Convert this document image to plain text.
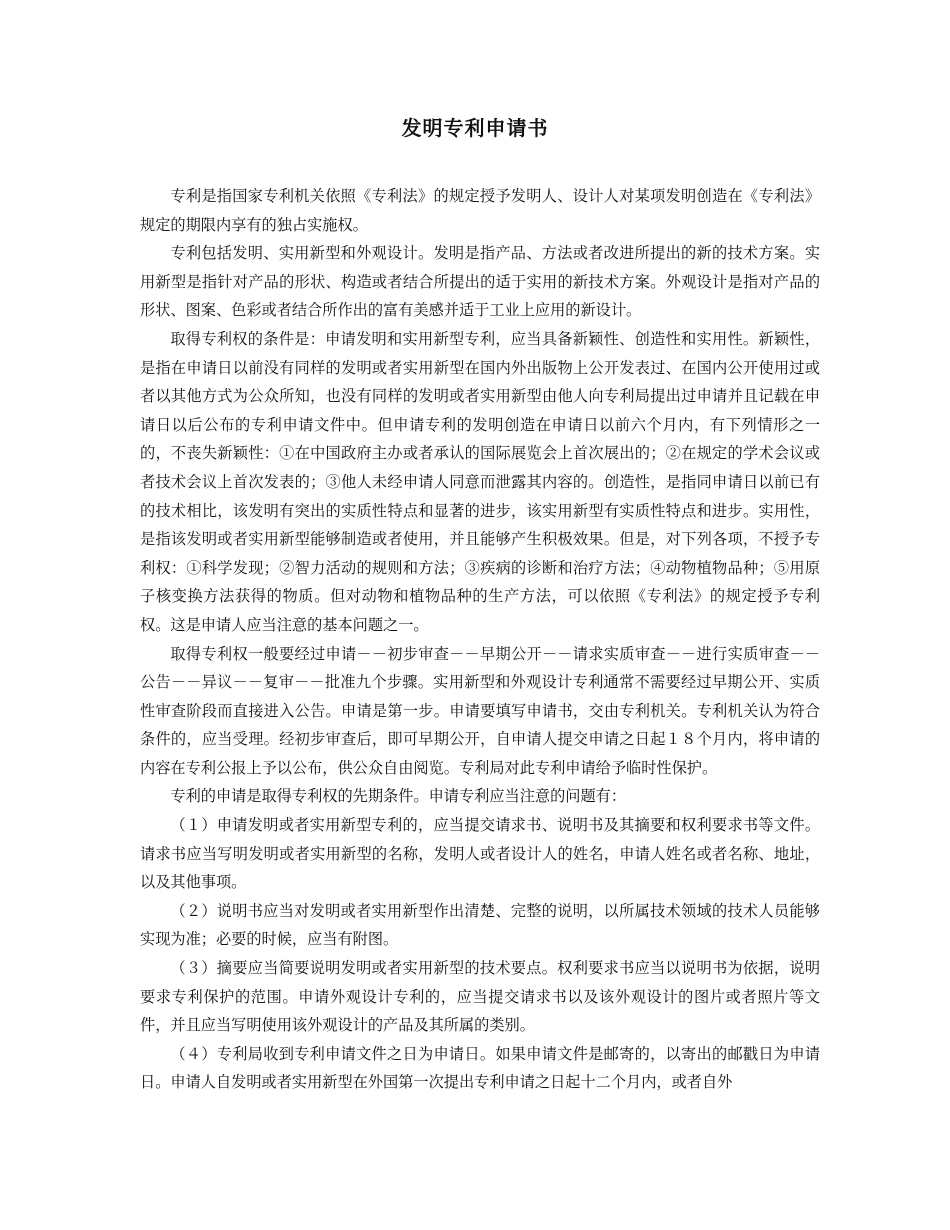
发明专利申请书

专利是指国家专利机关依照《专利法》的规定授予发明人、设计人对某项发明创造在《专利法》规定的期限内享有的独占实施权。

专利包括发明、实用新型和外观设计。发明是指产品、方法或者改进所提出的新的技术方案。实用新型是指针对产品的形状、构造或者结合所提出的适于实用的新技术方案。外观设计是指对产品的形状、图案、色彩或者结合所作出的富有美感并适于工业上应用的新设计。

取得专利权的条件是：申请发明和实用新型专利，应当具备新颖性、创造性和实用性。新颖性，是指在申请日以前没有同样的发明或者实用新型在国内外出版物上公开发表过、在国内公开使用过或者以其他方式为公众所知，也没有同样的发明或者实用新型由他人向专利局提出过申请并且记载在申请日以后公布的专利申请文件中。但申请专利的发明创造在申请日以前六个月内，有下列情形之一的，不丧失新颖性：①在中国政府主办或者承认的国际展览会上首次展出的；②在规定的学术会议或者技术会议上首次发表的；③他人未经申请人同意而泄露其内容的。创造性，是指同申请日以前已有的技术相比，该发明有突出的实质性特点和显著的进步，该实用新型有实质性特点和进步。实用性，是指该发明或者实用新型能够制造或者使用，并且能够产生积极效果。但是，对下列各项，不授予专利权：①科学发现；②智力活动的规则和方法；③疾病的诊断和治疗方法；④动物植物品种；⑤用原子核变换方法获得的物质。但对动物和植物品种的生产方法，可以依照《专利法》的规定授予专利权。这是申请人应当注意的基本问题之一。

取得专利权一般要经过申请－－初步审查－－早期公开－－请求实质审查－－进行实质审查－－公告－－异议－－复审－－批准九个步骤。实用新型和外观设计专利通常不需要经过早期公开、实质性审查阶段而直接进入公告。申请是第一步。申请要填写申请书，交由专利机关。专利机关认为符合条件的，应当受理。经初步审查后，即可早期公开，自申请人提交申请之日起１８个月内，将申请的内容在专利公报上予以公布，供公众自由阅览。专利局对此专利申请给予临时性保护。

专利的申请是取得专利权的先期条件。申请专利应当注意的问题有：

（１）申请发明或者实用新型专利的，应当提交请求书、说明书及其摘要和权利要求书等文件。请求书应当写明发明或者实用新型的名称，发明人或者设计人的姓名，申请人姓名或者名称、地址，以及其他事项。

（２）说明书应当对发明或者实用新型作出清楚、完整的说明，以所属技术领域的技术人员能够实现为准；必要的时候，应当有附图。

（３）摘要应当简要说明发明或者实用新型的技术要点。权利要求书应当以说明书为依据，说明要求专利保护的范围。申请外观设计专利的，应当提交请求书以及该外观设计的图片或者照片等文件，并且应当写明使用该外观设计的产品及其所属的类别。

（４）专利局收到专利申请文件之日为申请日。如果申请文件是邮寄的，以寄出的邮戳日为申请日。申请人自发明或者实用新型在外国第一次提出专利申请之日起十二个月内，或者自外
